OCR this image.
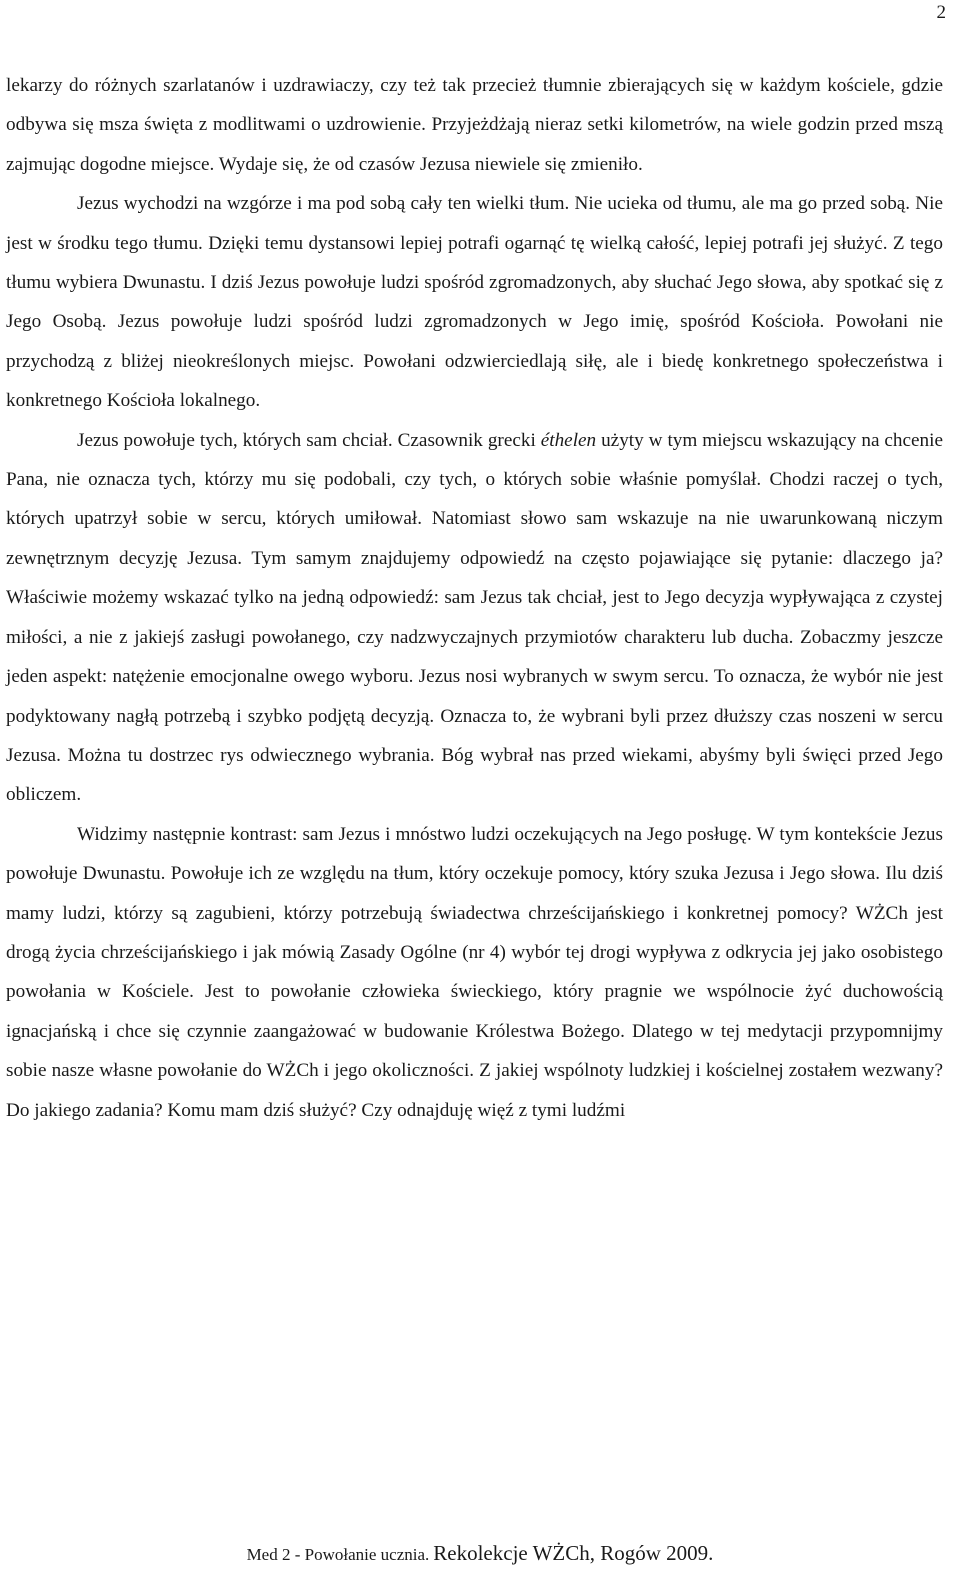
2

lekarzy do różnych szarlatanów i uzdrawiaczy, czy też tak przecież tłumnie zbierających się w każdym kościele, gdzie odbywa się msza święta z modlitwami o uzdrowienie. Przyjeżdżają nieraz setki kilometrów, na wiele godzin przed mszą zajmując dogodne miejsce. Wydaje się, że od czasów Jezusa niewiele się zmieniło.

Jezus wychodzi na wzgórze i ma pod sobą cały ten wielki tłum. Nie ucieka od tłumu, ale ma go przed sobą. Nie jest w środku tego tłumu. Dzięki temu dystansowi lepiej potrafi ogarnąć tę wielką całość, lepiej potrafi jej służyć. Z tego tłumu wybiera Dwunastu. I dziś Jezus powołuje ludzi spośród zgromadzonych, aby słuchać Jego słowa, aby spotkać się z Jego Osobą. Jezus powołuje ludzi spośród ludzi zgromadzonych w Jego imię, spośród Kościoła. Powołani nie przychodzą z bliżej nieokreślonych miejsc. Powołani odzwierciedlają siłę, ale i biedę konkretnego społeczeństwa i konkretnego Kościoła lokalnego.

Jezus powołuje tych, których sam chciał. Czasownik grecki éthelen użyty w tym miejscu wskazujący na chcenie Pana, nie oznacza tych, którzy mu się podobali, czy tych, o których sobie właśnie pomyślał. Chodzi raczej o tych, których upatrzył sobie w sercu, których umiłował. Natomiast słowo sam wskazuje na nie uwarunkowaną niczym zewnętrznym decyzję Jezusa. Tym samym znajdujemy odpowiedź na często pojawiające się pytanie: dlaczego ja? Właściwie możemy wskazać tylko na jedną odpowiedź: sam Jezus tak chciał, jest to Jego decyzja wypływająca z czystej miłości, a nie z jakiejś zasługi powołanego, czy nadzwyczajnych przymiotów charakteru lub ducha. Zobaczmy jeszcze jeden aspekt: natężenie emocjonalne owego wyboru. Jezus nosi wybranych w swym sercu. To oznacza, że wybór nie jest podyktowany nagłą potrzebą i szybko podjętą decyzją. Oznacza to, że wybrani byli przez dłuższy czas noszeni w sercu Jezusa. Można tu dostrzec rys odwiecznego wybrania. Bóg wybrał nas przed wiekami, abyśmy byli święci przed Jego obliczem.

Widzimy następnie kontrast: sam Jezus i mnóstwo ludzi oczekujących na Jego posługę. W tym kontekście Jezus powołuje Dwunastu. Powołuje ich ze względu na tłum, który oczekuje pomocy, który szuka Jezusa i Jego słowa. Ilu dziś mamy ludzi, którzy są zagubieni, którzy potrzebują świadectwa chrześcijańskiego i konkretnej pomocy? WŻCh jest drogą życia chrześcijańskiego i jak mówią Zasady Ogólne (nr 4) wybór tej drogi wypływa z odkrycia jej jako osobistego powołania w Kościele. Jest to powołanie człowieka świeckiego, który pragnie we wspólnocie żyć duchowością ignacjańską i chce się czynnie zaangażować w budowanie Królestwa Bożego. Dlatego w tej medytacji przypomnijmy sobie nasze własne powołanie do WŻCh i jego okoliczności. Z jakiej wspólnoty ludzkiej i kościelnej zostałem wezwany? Do jakiego zadania? Komu mam dziś służyć? Czy odnajduję więź z tymi ludźmi

Med 2 - Powołanie ucznia. Rekolekcje WŻCh, Rogów 2009.
